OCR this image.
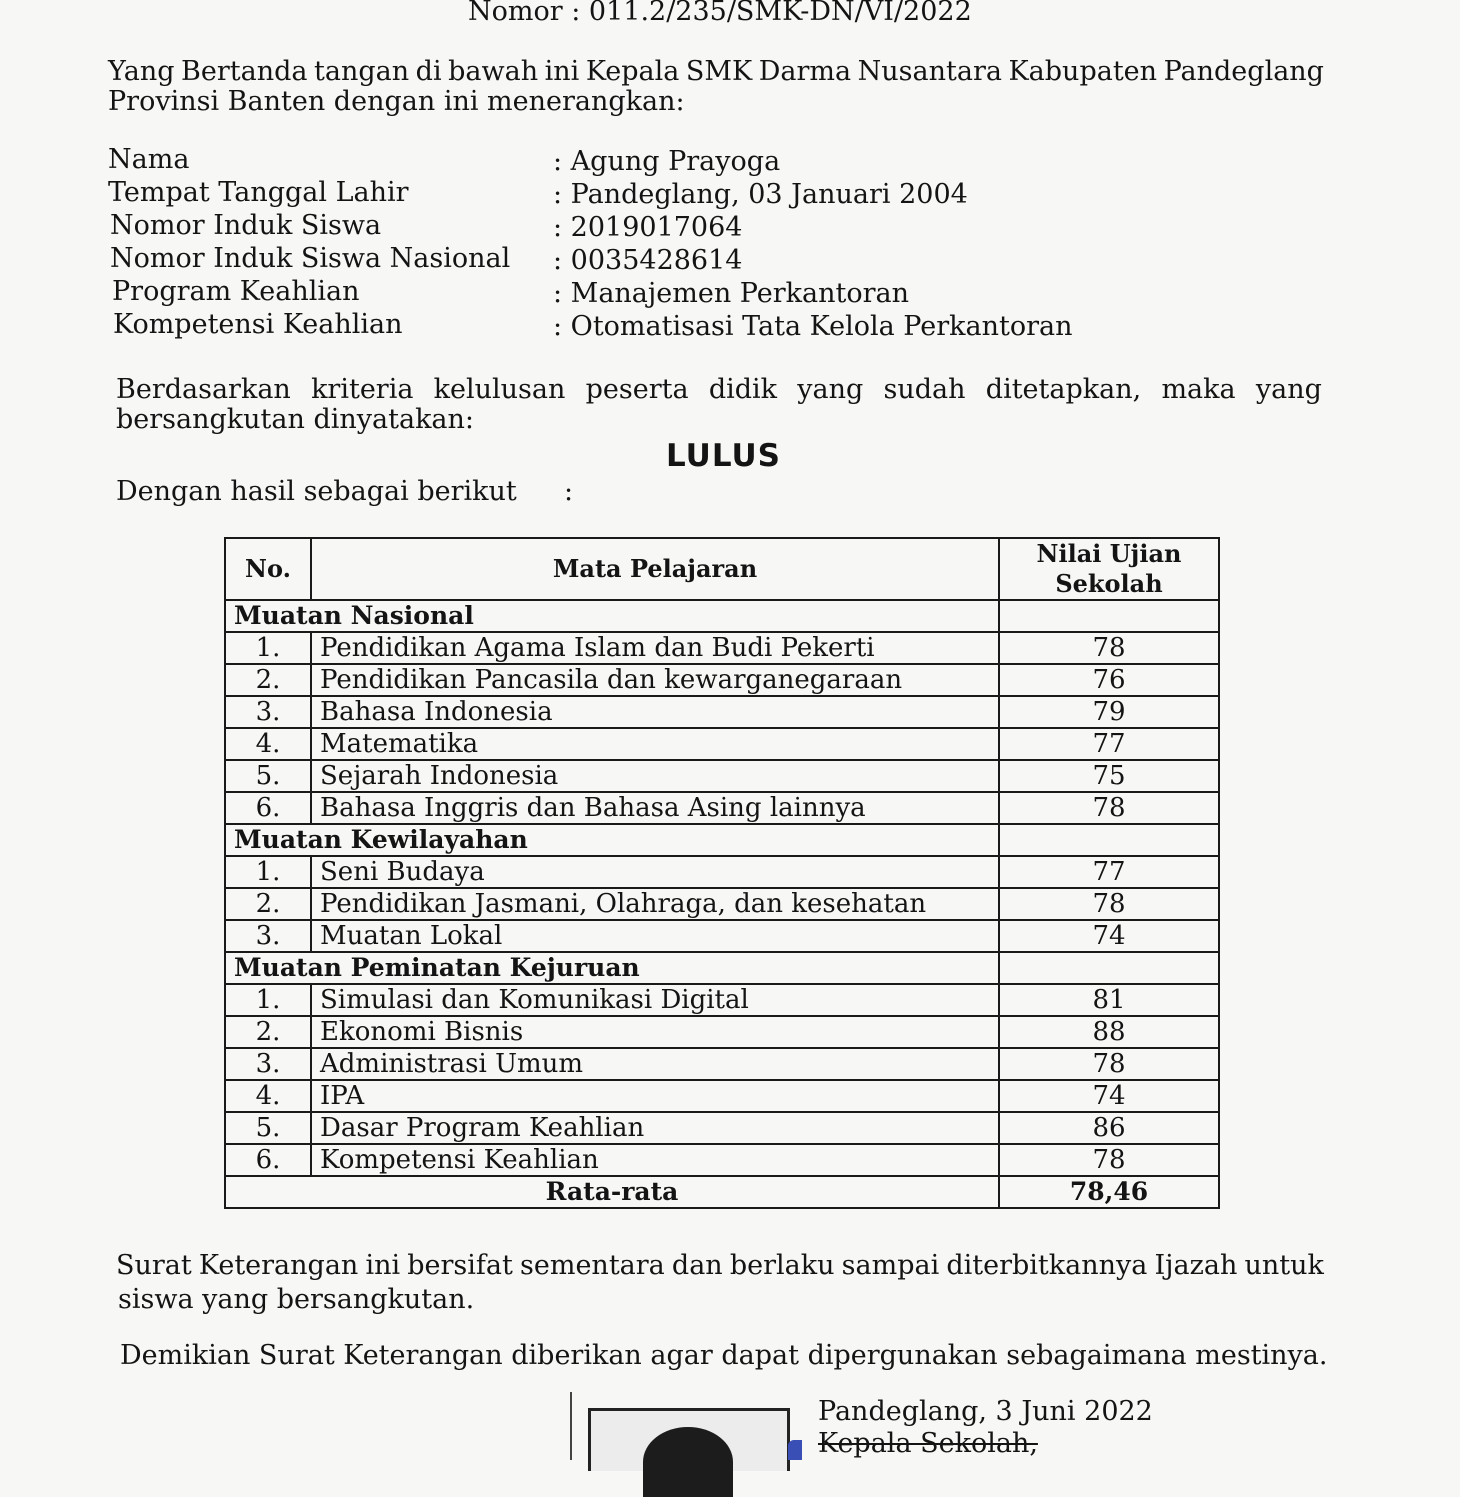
Nomor : 011.2/235/SMK-DN/VI/2022
Yang Bertanda tangan di bawah ini Kepala SMK Darma Nusantara Kabupaten Pandeglang
Provinsi Banten dengan ini menerangkan:
Nama	: Agung Prayoga
Tempat Tanggal Lahir	: Pandeglang, 03 Januari 2004
Nomor Induk Siswa	: 2019017064
Nomor Induk Siswa Nasional : 0035428614
Program Keahlian	: Manajemen Perkantoran
Kompetensi Keahlian	: Otomatisasi Tata Kelola Perkantoran
Berdasarkan kriteria kelulusan peserta didik yang sudah ditetapkan, maka yang
bersangkutan dinyatakan:
LULUS
Dengan hasil sebagai berikut :
No.	Mata Pelajaran	Nilai Ujian
Sekolah

Muatan Nasional		
1.	Pendidikan Agama Islam dan Budi Pekerti	78
2.	Pendidikan Pancasila dan kewarganegaraan	76
3.	Bahasa Indonesia	79
4.	Matematika	77
5.	Sejarah Indonesia	75
6.	Bahasa Inggris dan Bahasa Asing lainnya	78
Muatan Kewilayahan		
1.	Seni Budaya	77
2.	Pendidikan Jasmani, Olahraga, dan kesehatan	78
3.	Muatan Lokal	74
Muatan Peminatan Kejuruan		
1.	Simulasi dan Komunikasi Digital	81
2.	Ekonomi Bisnis	88
3.	Administrasi Umum	78
4.	IPA	74
5.	Dasar Program Keahlian	86
6.	Kompetensi Keahlian	78
Rata-rata		78,46
Surat Keterangan ini bersifat sementara dan berlaku sampai diterbitkannya Ijazah untuk
siswa yang bersangkutan.
Demikian Surat Keterangan diberikan agar dapat dipergunakan sebagaimana mestinya.
Pandeglang, 3 Juni 2022
Kepala Sekolah,
